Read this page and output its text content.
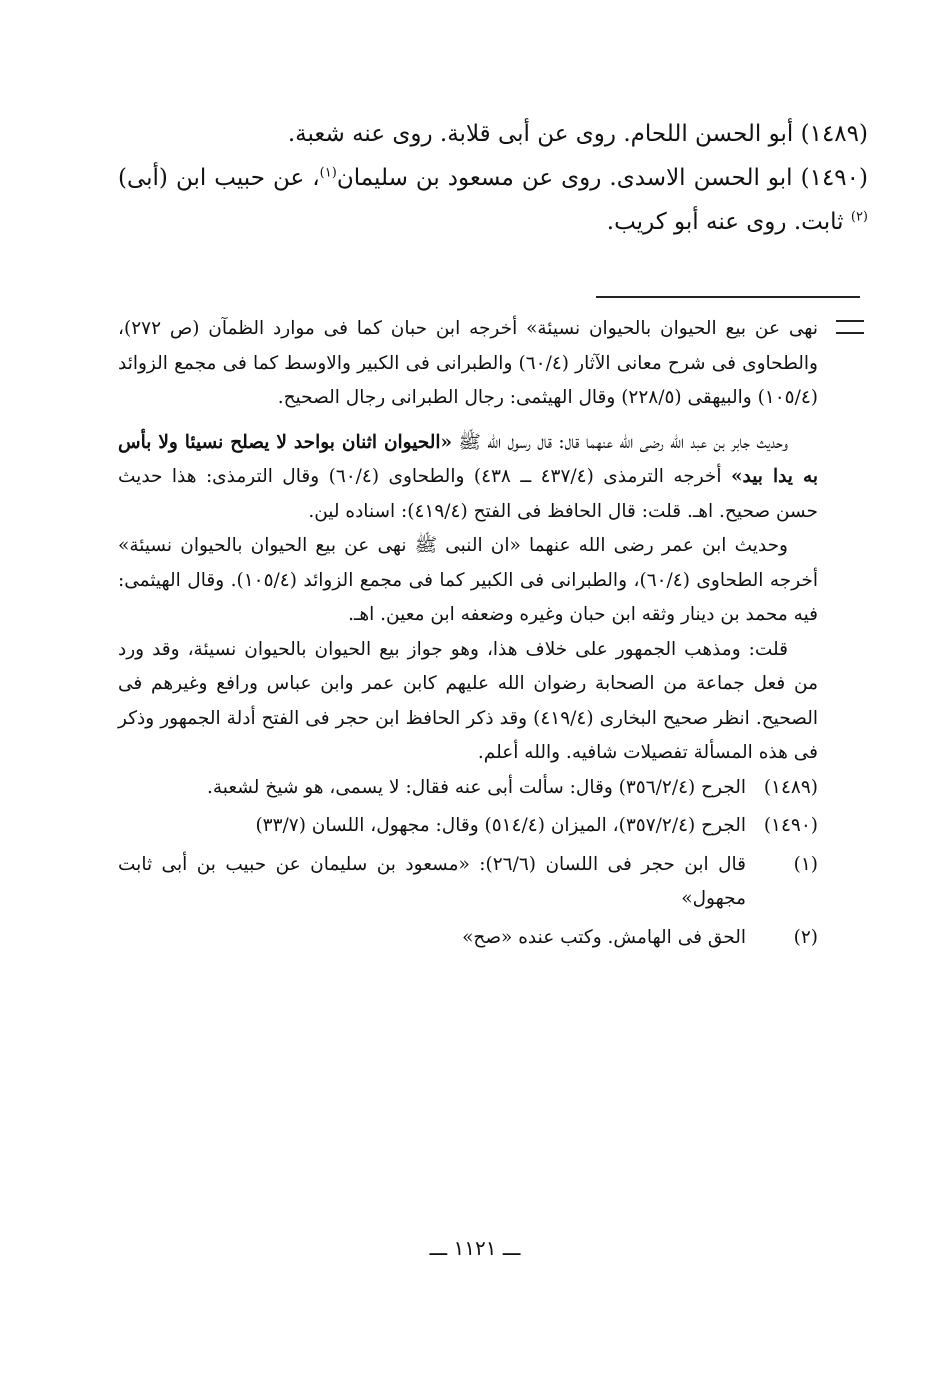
(١٤٨٩) أبو الحسن اللحام. روى عن أبى قلابة. روى عنه شعبة.

(١٤٩٠) ابو الحسن الاسدى. روى عن مسعود بن سليمان$^{(١)}$، عن حبيب ابن (أبى)$^{(٢)}$ ثابت. روى عنه أبو كريب.

نهى عن بيع الحيوان بالحيوان نسيئة» أخرجه ابن حبان كما فى موارد الظمآن (ص ٢٧٢)، والطحاوى فى شرح معانى الآثار (٦٠/٤) والطبرانى فى الكبير والاوسط كما فى مجمع الزوائد (١٠٥/٤) والبيهقى (٢٢٨/٥) وقال الهيثمى: رجال الطبرانى رجال الصحيح.

وحديث جابر بن عبد الله رضى الله عنهما قال: قال رسول الله ﷺ «الحيوان اثنان بواحد لا يصلح نسيئا ولا بأس به يدا بيد» أخرجه الترمذى (٤٣٧/٤ ــ ٤٣٨) والطحاوى (٦٠/٤) وقال الترمذى: هذا حديث حسن صحيح. اهـ. قلت: قال الحافظ فى الفتح (٤١٩/٤): اسناده لين.

وحديث ابن عمر رضى الله عنهما «ان النبى ﷺ نهى عن بيع الحيوان بالحيوان نسيئة» أخرجه الطحاوى (٦٠/٤)، والطبرانى فى الكبير كما فى مجمع الزوائد (١٠٥/٤). وقال الهيثمى: فيه محمد بن دينار وثقه ابن حبان وغيره وضعفه ابن معين. اهـ.

قلت: ومذهب الجمهور على خلاف هذا، وهو جواز بيع الحيوان بالحيوان نسيئة، وقد ورد من فعل جماعة من الصحابة رضوان الله عليهم كابن عمر وابن عباس ورافع وغيرهم فى الصحيح. انظر صحيح البخارى (٤١٩/٤) وقد ذكر الحافظ ابن حجر فى الفتح أدلة الجمهور وذكر فى هذه المسألة تفصيلات شافيه. والله أعلم.

(١٤٨٩)
الجرح (٣٥٦/٢/٤) وقال: سألت أبى عنه فقال: لا يسمى، هو شيخ لشعبة.
(١٤٩٠)
الجرح (٣٥٧/٢/٤)، الميزان (٥١٤/٤) وقال: مجهول، اللسان (٣٣/٧)
(١)
قال ابن حجر فى اللسان (٢٦/٦): «مسعود بن سليمان عن حبيب بن أبى ثابت مجهول»
(٢)
الحق فى الهامش. وكتب عنده «صح»
ـــ ١١٢١ ـــ
